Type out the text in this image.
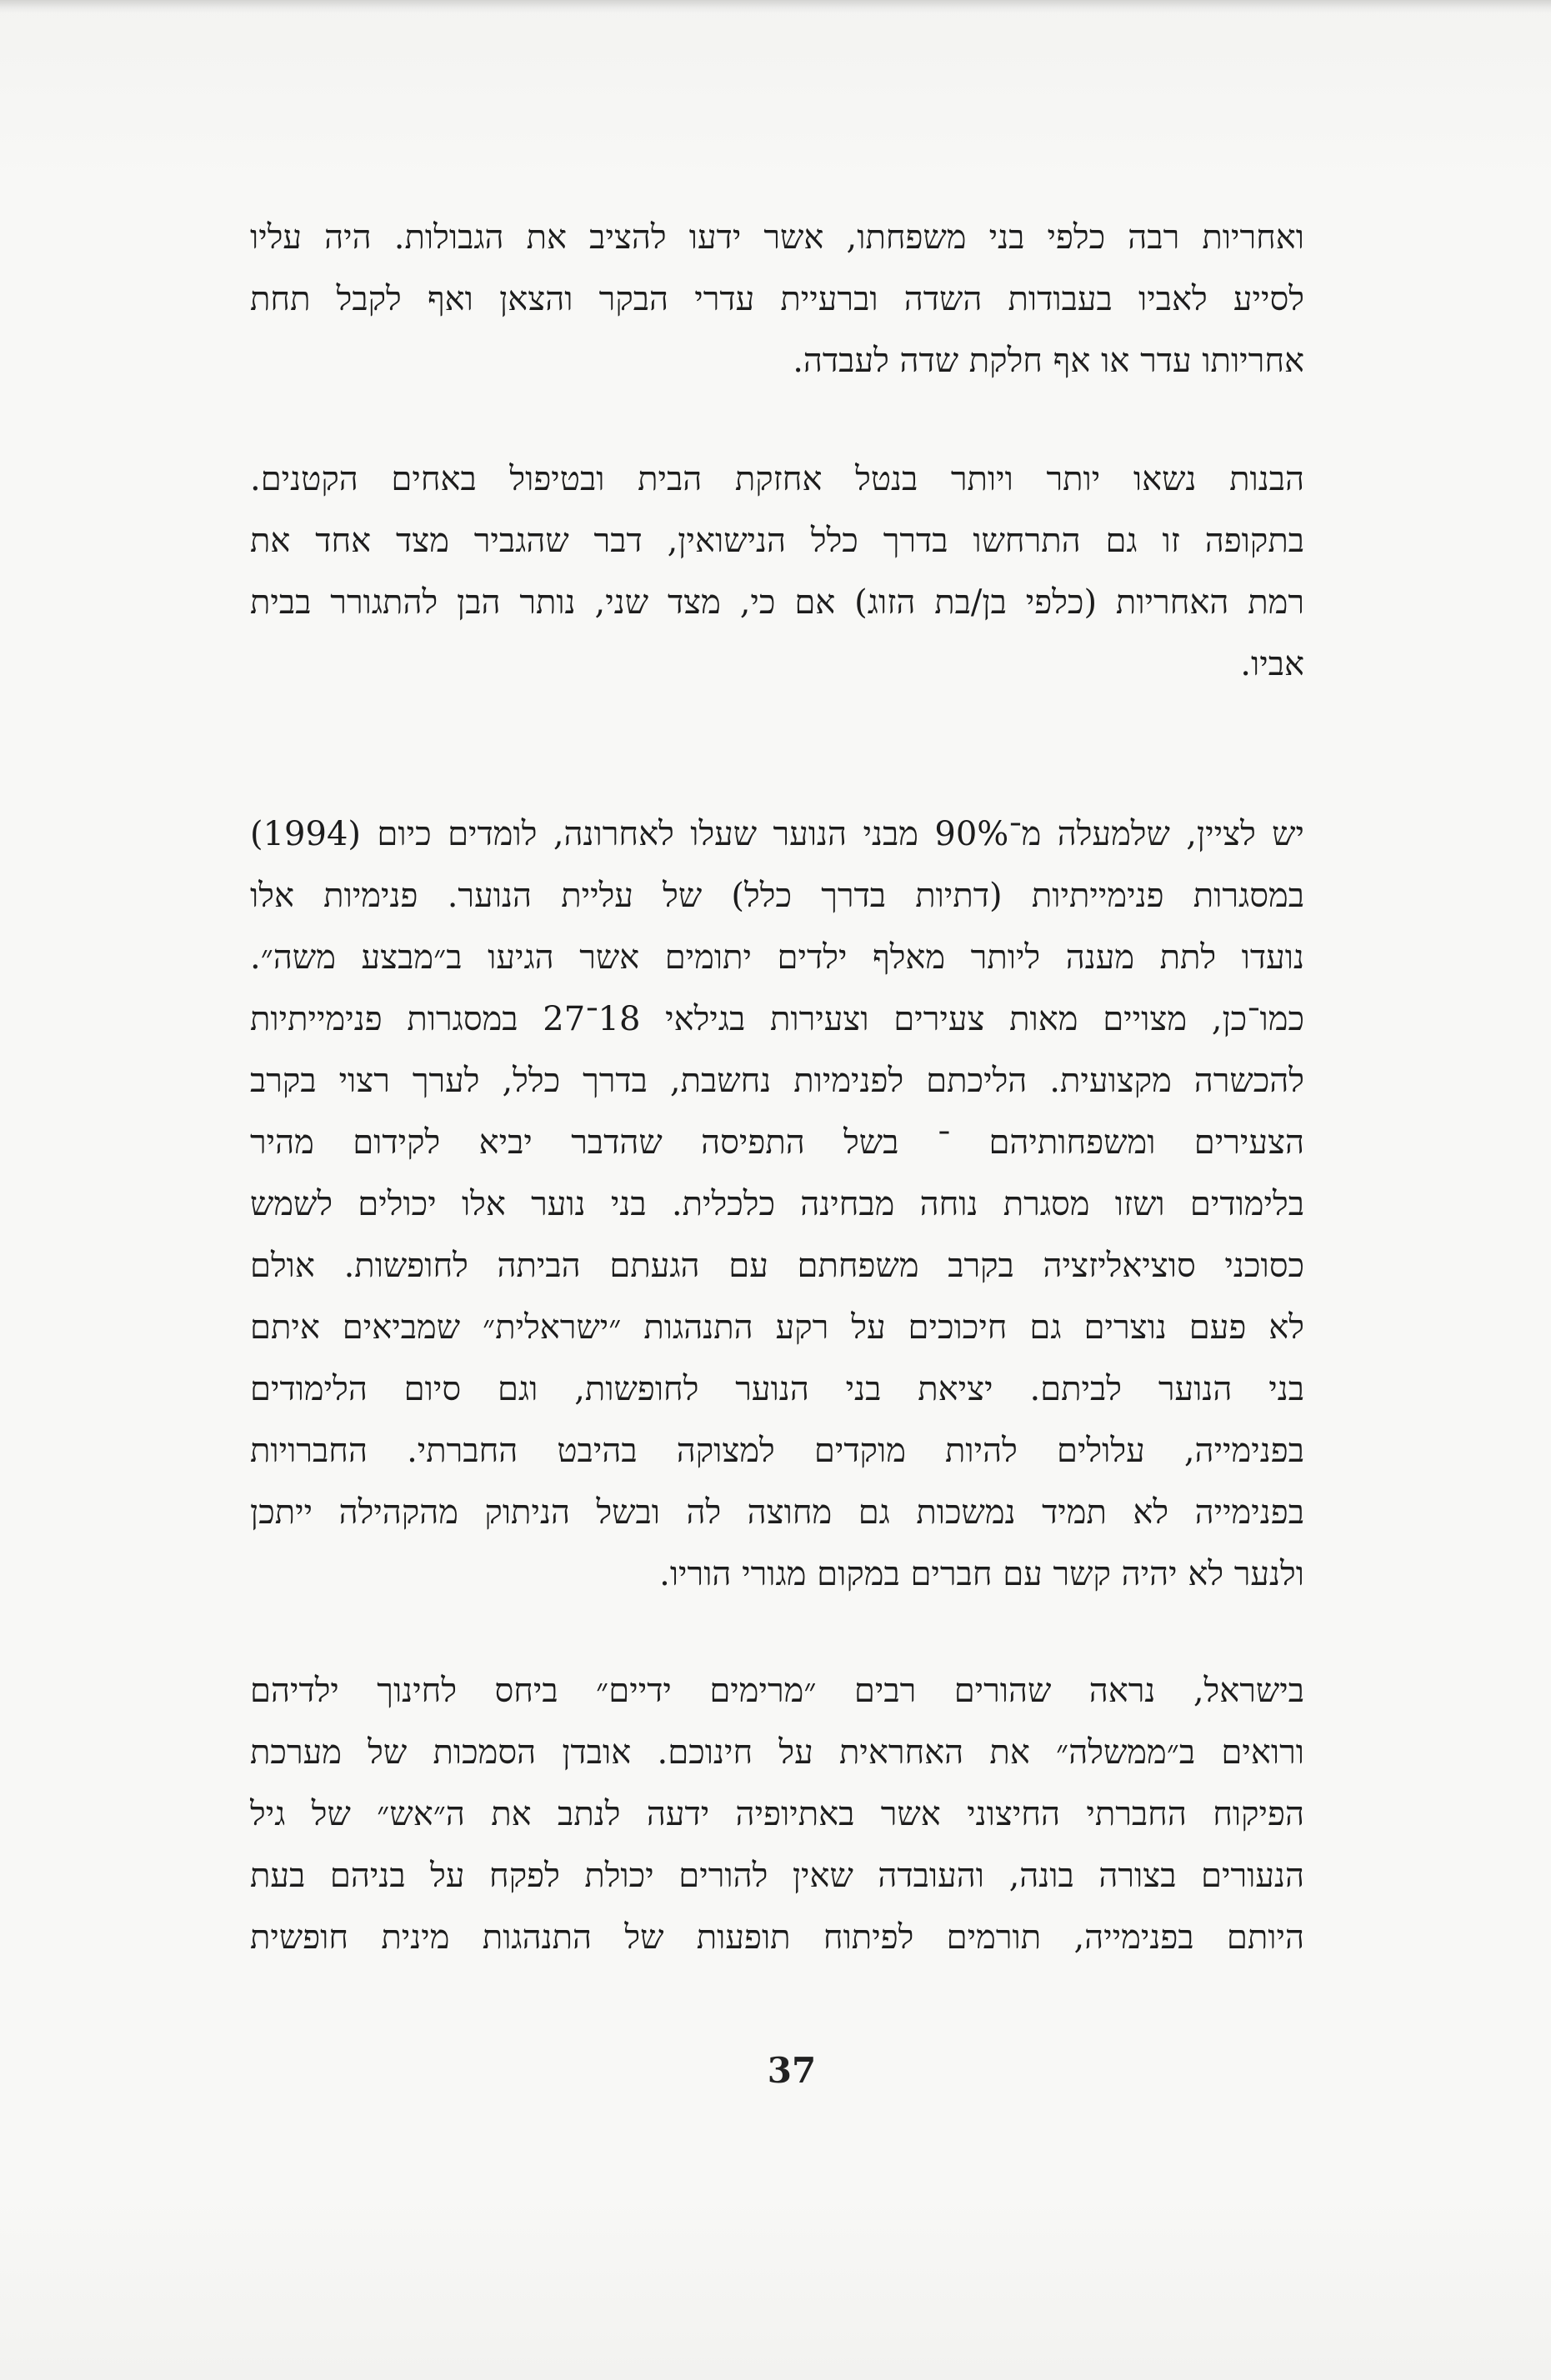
ואחריות רבה כלפי בני משפחתו, אשר ידעו להציב את הגבולות. היה עליו
לסייע לאביו בעבודות השדה וברעיית עדרי הבקר והצאן ואף לקבל תחת
אחריותו עדר או אף חלקת שדה לעבדה.
הבנות נשאו יותר ויותר בנטל אחזקת הבית ובטיפול באחים הקטנים.
בתקופה זו גם התרחשו בדרך כלל הנישואין, דבר שהגביר מצד אחד את
רמת האחריות (כלפי בן/בת הזוג) אם כי, מצד שני, נותר הבן להתגורר בבית
אביו.
יש לציין, שלמעלה מ־90% מבני הנוער שעלו לאחרונה, לומדים כיום (1994)
במסגרות פנימייתיות (דתיות בדרך כלל) של עליית הנוער. פנימיות אלו
נועדו לתת מענה ליותר מאלף ילדים יתומים אשר הגיעו ב״מבצע משה״.
כמו־כן, מצויים מאות צעירים וצעירות בגילאי 18־27 במסגרות פנימייתיות
להכשרה מקצועית. הליכתם לפנימיות נחשבת, בדרך כלל, לערך רצוי בקרב
הצעירים ומשפחותיהם ־ בשל התפיסה שהדבר יביא לקידום מהיר
בלימודים ושזו מסגרת נוחה מבחינה כלכלית. בני נוער אלו יכולים לשמש
כסוכני סוציאליזציה בקרב משפחתם עם הגעתם הביתה לחופשות. אולם
לא פעם נוצרים גם חיכוכים על רקע התנהגות ״ישראלית״ שמביאים איתם
בני הנוער לביתם. יציאת בני הנוער לחופשות, וגם סיום הלימודים
בפנימייה, עלולים להיות מוקדים למצוקה בהיבט החברתי. החברויות
בפנימייה לא תמיד נמשכות גם מחוצה לה ובשל הניתוק מהקהילה ייתכן
ולנער לא יהיה קשר עם חברים במקום מגורי הוריו.
בישראל, נראה שהורים רבים ״מרימים ידיים״ ביחס לחינוך ילדיהם
ורואים ב״ממשלה״ את האחראית על חינוכם. אובדן הסמכות של מערכת
הפיקוח החברתי החיצוני אשר באתיופיה ידעה לנתב את ה״אש״ של גיל
הנעורים בצורה בונה, והעובדה שאין להורים יכולת לפקח על בניהם בעת
היותם בפנימייה, תורמים לפיתוח תופעות של התנהגות מינית חופשית
37
